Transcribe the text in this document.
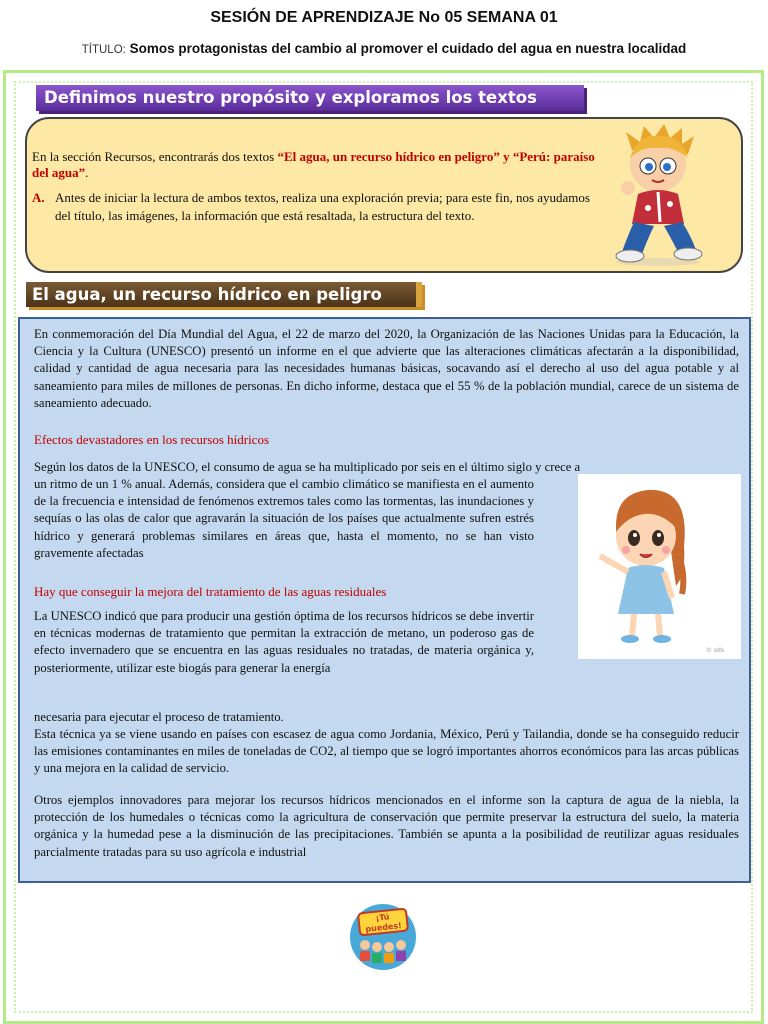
SESIÓN DE APRENDIZAJE No 05 SEMANA 01
TÍTULO: Somos protagonistas del cambio al promover el cuidado del agua en nuestra localidad
Definimos nuestro propósito y exploramos los textos
En la sección Recursos, encontrarás dos textos “El agua, un recurso hídrico en peligro” y “Perú: paraíso del agua”.
A. Antes de iniciar la lectura de ambos textos, realiza una exploración previa; para este fin, nos ayudamos del título, las imágenes, la información que está resaltada, la estructura del texto.
El agua, un recurso hídrico en peligro
En conmemoración del Día Mundial del Agua, el 22 de marzo del 2020, la Organización de las Naciones Unidas para la Educación, la Ciencia y la Cultura (UNESCO) presentó un informe en el que advierte que las alteraciones climáticas afectarán a la disponibilidad, calidad y cantidad de agua necesaria para las necesidades humanas básicas, socavando así el derecho al uso del agua potable y al saneamiento para miles de millones de personas. En dicho informe, destaca que el 55 % de la población mundial, carece de un sistema de saneamiento adecuado.
Efectos devastadores en los recursos hídricos
Según los datos de la UNESCO, el consumo de agua se ha multiplicado por seis en el último siglo y crece a
un ritmo de un 1 % anual. Además, considera que el cambio climático se manifiesta en el aumento de la frecuencia e intensidad de fenómenos extremos tales como las tormentas, las inundaciones y sequías o las olas de calor que agravarán la situación de los países que actualmente sufren estrés hídrico y generará problemas similares en áreas que, hasta el momento, no se han visto gravemente afectadas
Hay que conseguir la mejora del tratamiento de las aguas residuales
La UNESCO indicó que para producir una gestión óptima de los recursos hídricos se debe invertir en técnicas modernas de tratamiento que permitan la extracción de metano, un poderoso gas de efecto invernadero que se encuentra en las aguas residuales no tratadas, de materia orgánica y, posteriormente, utilizar este biogás para generar la energía
necesaria para ejecutar el proceso de tratamiento.
Esta técnica ya se viene usando en países con escasez de agua como Jordania, México, Perú y Tailandia, donde se ha conseguido reducir las emisiones contaminantes en miles de toneladas de CO2, al tiempo que se logró importantes ahorros económicos para las arcas públicas y una mejora en la calidad de servicio.
Otros ejemplos innovadores para mejorar los recursos hídricos mencionados en el informe son la captura de agua de la niebla, la protección de los humedales o técnicas como la agricultura de conservación que permite preservar la estructura del suelo, la materia orgánica y la humedad pese a la disminución de las precipitaciones. También se apunta a la posibilidad de reutilizar aguas residuales parcialmente tratadas para su uso agrícola e industrial
© sds
¡Tú
puedes!
